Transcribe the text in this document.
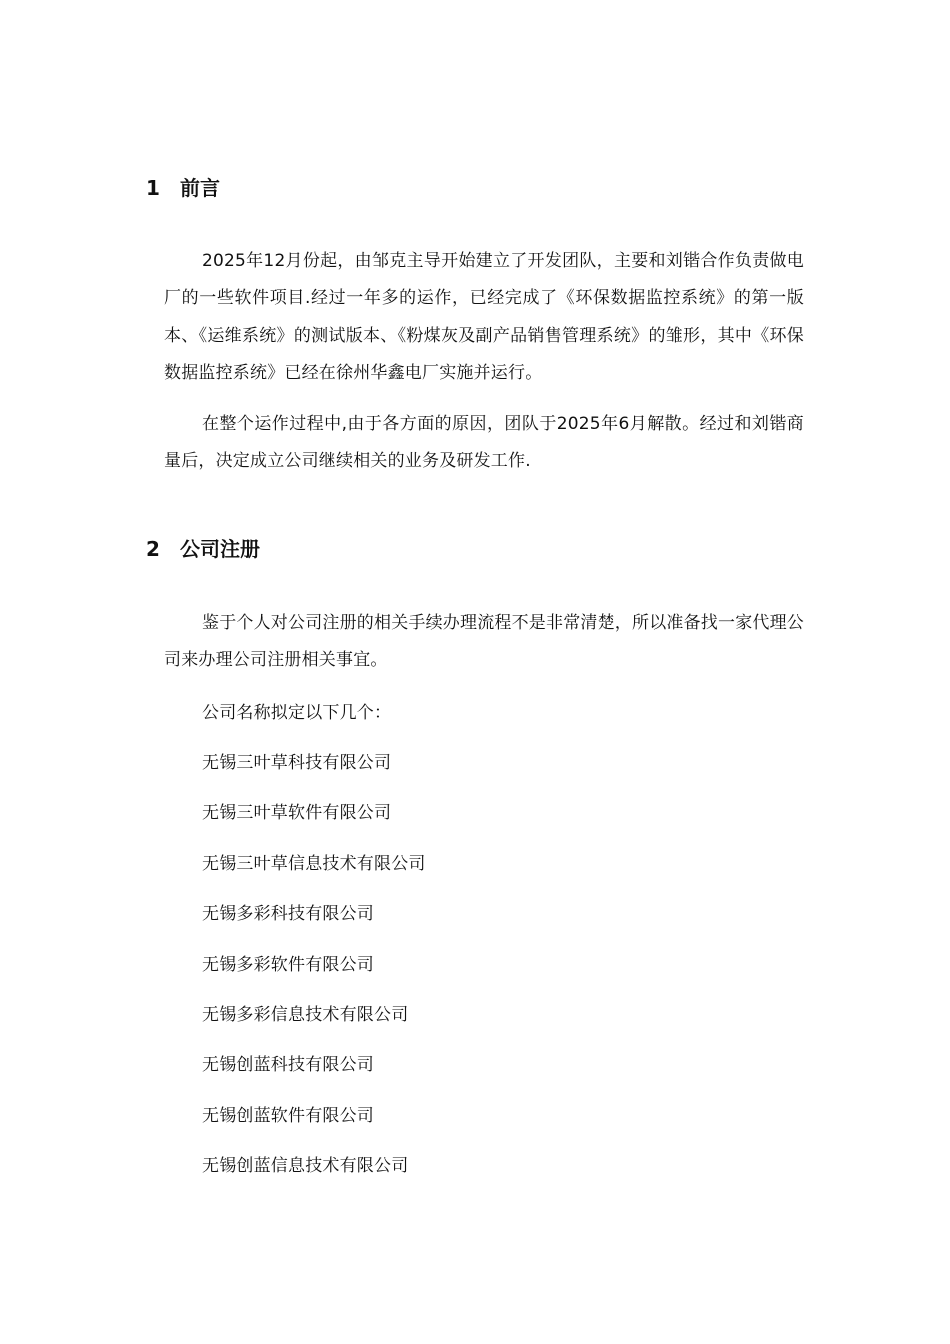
1 前言
2025年12月份起，由邹克主导开始建立了开发团队，主要和刘锴合作负责做电厂的一些软件项目.经过一年多的运作，已经完成了《环保数据监控系统》的第一版本、《运维系统》的测试版本、《粉煤灰及副产品销售管理系统》的雏形，其中《环保数据监控系统》已经在徐州华鑫电厂实施并运行。
在整个运作过程中,由于各方面的原因，团队于2025年6月解散。经过和刘锴商量后，决定成立公司继续相关的业务及研发工作.
2 公司注册
鉴于个人对公司注册的相关手续办理流程不是非常清楚，所以准备找一家代理公司来办理公司注册相关事宜。
公司名称拟定以下几个：
无锡三叶草科技有限公司
无锡三叶草软件有限公司
无锡三叶草信息技术有限公司
无锡多彩科技有限公司
无锡多彩软件有限公司
无锡多彩信息技术有限公司
无锡创蓝科技有限公司
无锡创蓝软件有限公司
无锡创蓝信息技术有限公司
